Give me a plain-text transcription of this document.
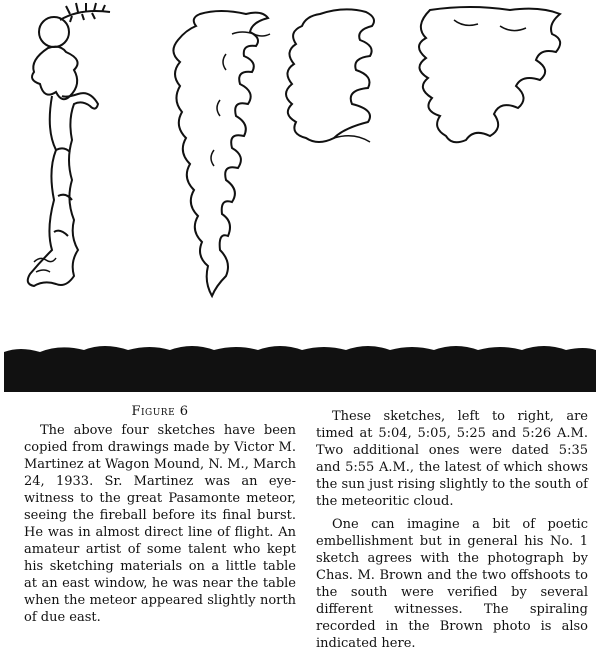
Figure 6

The above four sketches have been copied from drawings made by Victor M. Martinez at Wagon Mound, N. M., March 24, 1933. Sr. Martinez was an eye-witness to the great Pasamonte meteor, seeing the fireball before its final burst. He was in almost direct line of flight. An amateur artist of some talent who kept his sketching materials on a little table at an east window, he was near the table when the meteor appeared slightly north of due east.

These sketches, left to right, are timed at 5:04, 5:05, 5:25 and 5:26 A.M. Two additional ones were dated 5:35 and 5:55 A.M., the latest of which shows the sun just rising slightly to the south of the meteoritic cloud.

One can imagine a bit of poetic embellishment but in general his No. 1 sketch agrees with the photograph by Chas. M. Brown and the two offshoots to the south were verified by several different witnesses. The spiraling recorded in the Brown photo is also indicated here.
